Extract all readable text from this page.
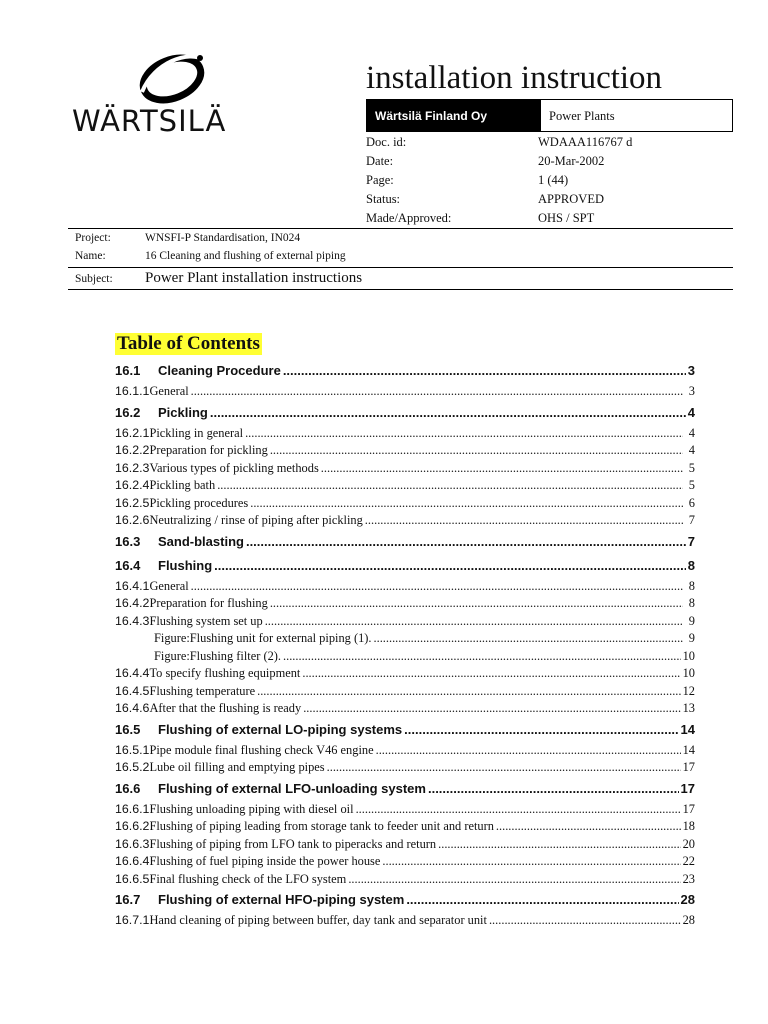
WÄRTSILÄ
installation instruction
Wärtsilä Finland Oy	Power Plants
Doc. id:	WDAAA116767 d
Date:	20-Mar-2002
Page:	1 (44)
Status:	APPROVED
Made/Approved:	OHS / SPT
Project:	WNSFI-P Standardisation, IN024
Name:	16 Cleaning and flushing of external piping
Subject:	Power Plant installation instructions
Table of Contents
16.1	Cleaning Procedure .....	3
16.1.1 General .....	3
16.2	Pickling .....	4
16.2.1 Pickling in general .....	4
16.2.2 Preparation for pickling .....	4
16.2.3 Various types of pickling methods .....	5
16.2.4 Pickling bath .....	5
16.2.5 Pickling procedures .....	6
16.2.6 Neutralizing / rinse of piping after pickling .....	7
16.3	Sand-blasting .....	7
16.4	Flushing .....	8
16.4.1 General .....	8
16.4.2 Preparation for flushing .....	8
16.4.3 Flushing system set up .....	9
Figure:Flushing unit for external piping (1). .....	9
Figure:Flushing filter (2). .....	10
16.4.4 To specify flushing equipment .....	10
16.4.5 Flushing temperature .....	12
16.4.6 After that the flushing is ready .....	13
16.5	Flushing of external LO-piping systems .....	14
16.5.1 Pipe module final flushing check V46 engine .....	14
16.5.2 Lube oil filling and emptying pipes .....	17
16.6	Flushing of external LFO-unloading system .....	17
16.6.1 Flushing unloading piping with diesel oil .....	17
16.6.2 Flushing of piping leading from storage tank to feeder unit and return .....	18
16.6.3 Flushing of piping from LFO tank to piperacks and return .....	20
16.6.4 Flushing of fuel piping inside the power house .....	22
16.6.5 Final flushing check of the LFO system .....	23
16.7	Flushing of external HFO-piping system .....	28
16.7.1 Hand cleaning of piping between buffer, day tank and separator unit .....	28
